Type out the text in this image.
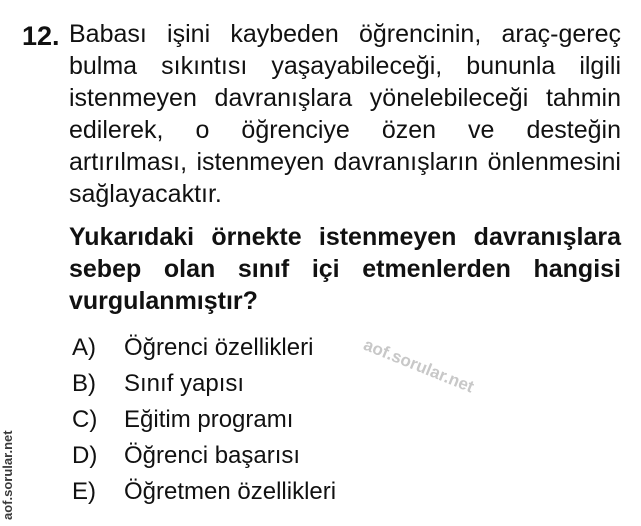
12. Babası işini kaybeden öğrencinin, araç-gereç
bulma sıkıntısı yaşayabileceği, bununla ilgili
istenmeyen davranışlara yönelebileceği tahmin
edilerek, o öğrenciye özen ve desteğin
artırılması, istenmeyen davranışların önlenmesini
sağlayacaktır.
Yukarıdaki örnekte istenmeyen davranışlara
sebep olan sınıf içi etmenlerden hangisi
vurgulanmıştır?
A)	Öğrenci özellikleri
B)	Sınıf yapısı
C)	Eğitim programı
D)	Öğrenci başarısı
E)	Öğretmen özellikleri
aof.sorular.net
aof.sorular.net
